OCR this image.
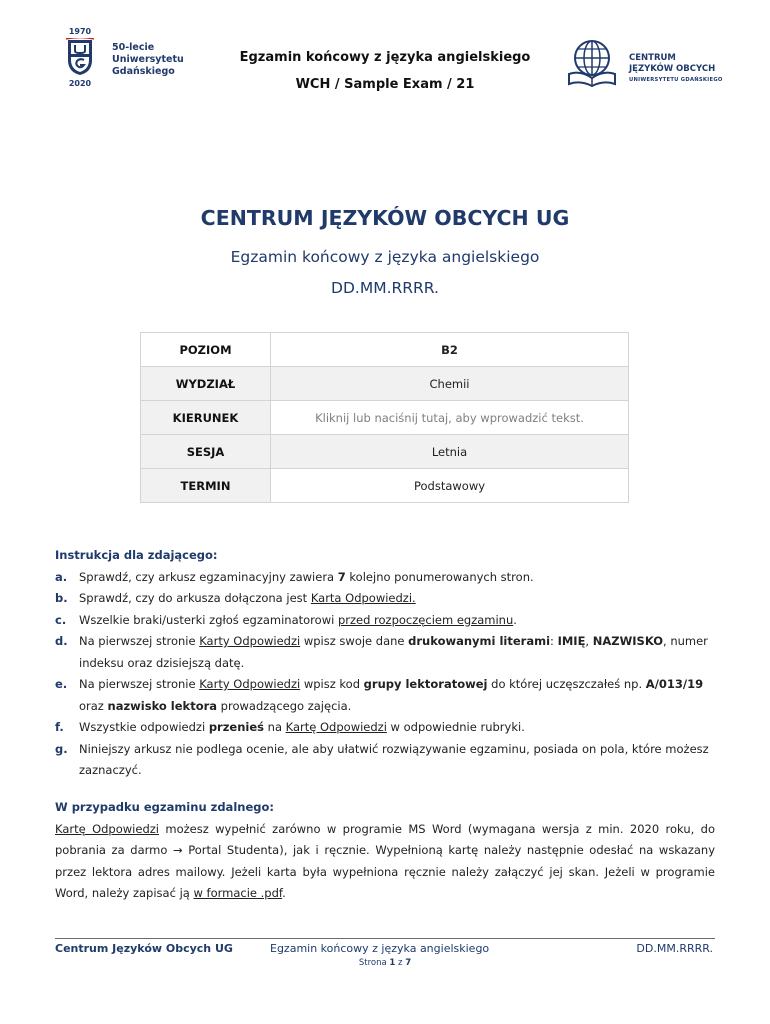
1970
2020
50-lecie
Uniwersytetu
Gdańskiego
Egzamin końcowy z języka angielskiego
WCH / Sample Exam / 21
CENTRUM
JĘZYKÓW OBCYCH
UNIWERSYTETU GDAŃSKIEGO
CENTRUM JĘZYKÓW OBCYCH UG
Egzamin końcowy z języka angielskiego
DD.MM.RRRR.
POZIOM	B2
WYDZIAŁ	Chemii
KIERUNEK	Kliknij lub naciśnij tutaj, aby wprowadzić tekst.
SESJA	Letnia
TERMIN	Podstawowy
Instrukcja dla zdającego:
a. Sprawdź, czy arkusz egzaminacyjny zawiera 7 kolejno ponumerowanych stron.
b. Sprawdź, czy do arkusza dołączona jest Karta Odpowiedzi.
c. Wszelkie braki/usterki zgłoś egzaminatorowi przed rozpoczęciem egzaminu.
d. Na pierwszej stronie Karty Odpowiedzi wpisz swoje dane drukowanymi literami: IMIĘ, NAZWISKO, numer indeksu oraz dzisiejszą datę.
e. Na pierwszej stronie Karty Odpowiedzi wpisz kod grupy lektoratowej do której uczęszczałeś np. A/013/19 oraz nazwisko lektora prowadzącego zajęcia.
f. Wszystkie odpowiedzi przenieś na Kartę Odpowiedzi w odpowiednie rubryki.
g. Niniejszy arkusz nie podlega ocenie, ale aby ułatwić rozwiązywanie egzaminu, posiada on pola, które możesz zaznaczyć.
W przypadku egzaminu zdalnego:

Kartę Odpowiedzi możesz wypełnić zarówno w programie MS Word (wymagana wersja z min. 2020 roku, do pobrania za darmo → Portal Studenta), jak i ręcznie. Wypełnioną kartę należy następnie odesłać na wskazany przez lektora adres mailowy. Jeżeli karta była wypełniona ręcznie należy załączyć jej skan. Jeżeli w programie Word, należy zapisać ją w formacie .pdf.

Centrum Języków Obcych UG	Egzamin końcowy z języka angielskiego	DD.MM.RRRR.
Strona 1 z 7
